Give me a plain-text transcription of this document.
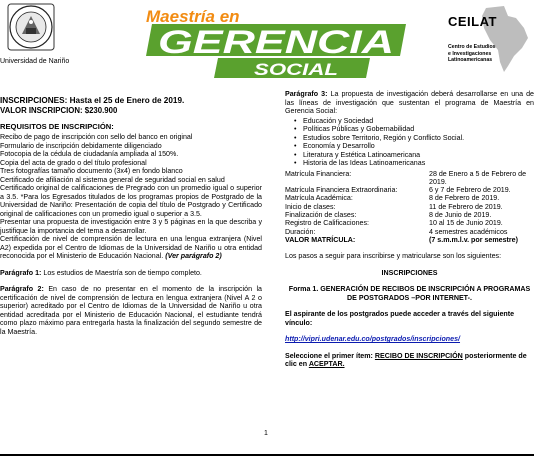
Universidad de Nariño
Maestría en
GERENCIA
SOCIAL
CEILAT
Centro de Estudios
e Investigaciones
Latinoamericanas

INSCRIPCIONES: Hasta el 25 de Enero de 2019.

VALOR INSCRIPCION: $230.900

REQUISITOS DE INSCRIPCIÓN:

Recibo de pago de inscripción con sello del banco en original

Formulario de inscripción debidamente diligenciado

Fotocopia de la cédula de ciudadanía ampliada al 150%.

Copia del acta de grado o del título profesional

Tres fotografías tamaño documento (3x4) en fondo blanco

Certificado de afiliación al sistema general de seguridad social en salud

Certificado original de calificaciones de Pregrado con un promedio igual o superior a 3.5. *Para los Egresados titulados de los programas propios de Postgrado de la Universidad de Nariño: Presentación de copia del título de Postgrado y Certificado original de calificaciones con un promedio igual o superior a 3.5.

Presentar una propuesta de investigación entre 3 y 5 páginas en la que describa y justifique la importancia del tema a desarrollar.

Certificación de nivel de comprensión de lectura en una lengua extranjera (Nivel A2) expedida por el Centro de Idiomas de la Universidad de Nariño u otra entidad reconocida por el Ministerio de Educación Nacional. (Ver parágrafo 2)

Parágrafo 1: Los estudios de Maestría son de tiempo completo.

Parágrafo 2: En caso de no presentar en el momento de la inscripción la certificación de nivel de comprensión de lectura en lengua extranjera (Nivel A 2 o superior) acreditado por el Centro de Idiomas de la Universidad de Nariño u otra entidad acreditada por el Ministerio de Educación Nacional, el estudiante tendrá como plazo máximo para entregarla hasta la finalización del segundo semestre de la Maestría.

Parágrafo 3: La propuesta de investigación deberá desarrollarse en una de las líneas de investigación que sustentan el programa de Maestría en Gerencia Social:

• Educación y Sociedad
• Políticas Públicas y Gobernabilidad
• Estudios sobre Territorio, Región y Conflicto Social.
• Economía y Desarrollo
• Literatura y Estética Latinoamericana
• Historia de las Ideas Latinoamericanas
Matrícula Financiera:	28 de Enero a 5 de Febrero de 2019.
Matrícula Financiera Extraordinaria:	6 y 7 de Febrero de 2019.
Matrícula Académica:	8 de Febrero de 2019.
Inicio de clases:	11 de Febrero de 2019.
Finalización de clases:	8 de Junio de 2019.
Registro de Calificaciones:	10 al 15 de Junio 2019.
Duración:	4 semestres académicos
VALOR MATRÍCULA:	(7 s.m.m.l.v. por semestre)

Los pasos a seguir para inscribirse y matricularse son los siguientes:

INSCRIPCIONES

Forma 1. GENERACIÓN DE RECIBOS DE INSCRIPCIÓN A PROGRAMAS DE POSTGRADOS –POR INTERNET-.

El aspirante de los postgrados puede acceder a través del siguiente vínculo:

http://vipri.udenar.edu.co/postgrados/inscripciones/

Seleccione el primer ítem: RECIBO DE INSCRIPCIÓN posteriormente de clic en ACEPTAR.

1
